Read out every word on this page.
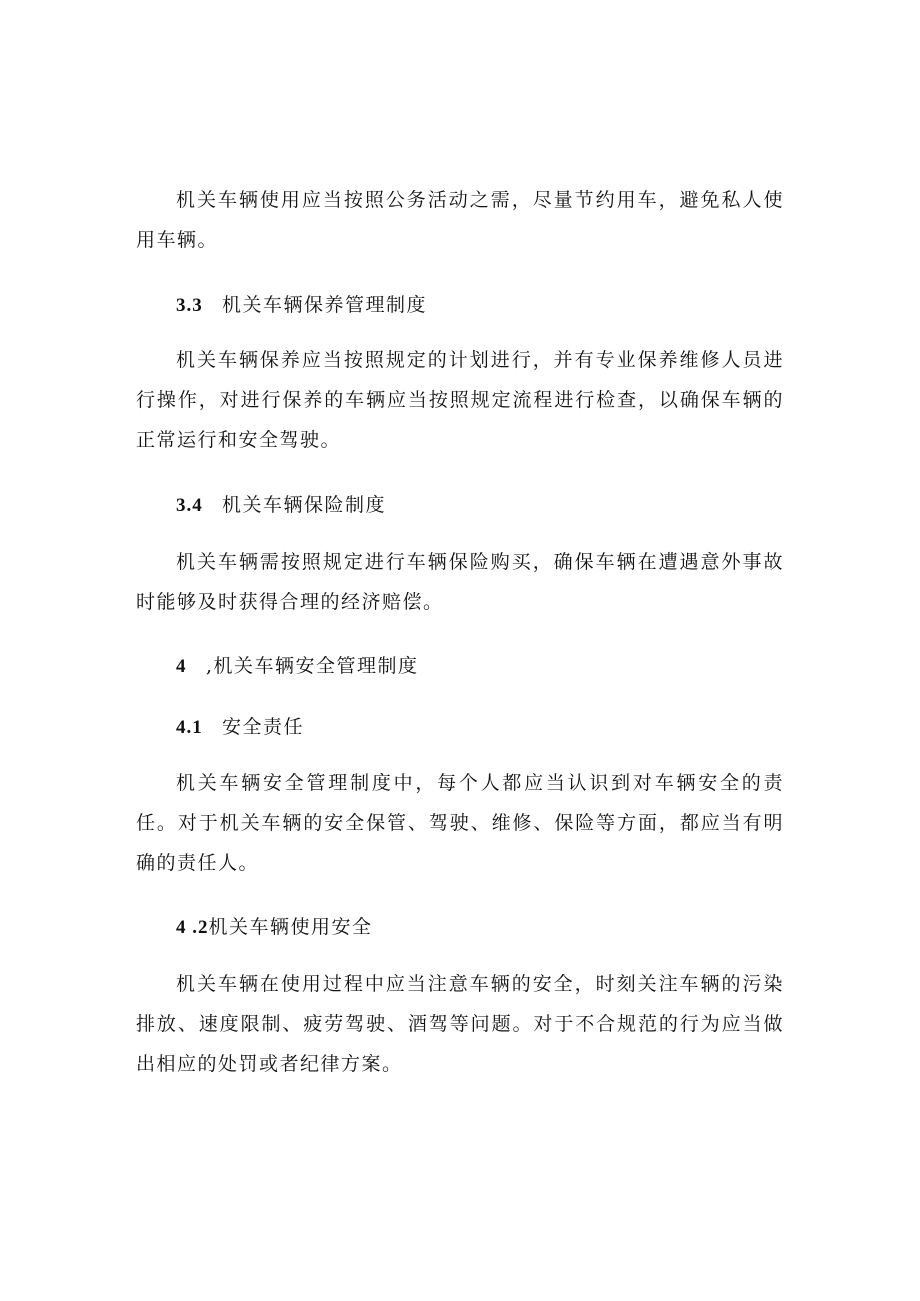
机关车辆使用应当按照公务活动之需，尽量节约用车，避免私人使用车辆。

3.3 机关车辆保养管理制度

机关车辆保养应当按照规定的计划进行，并有专业保养维修人员进行操作，对进行保养的车辆应当按照规定流程进行检查，以确保车辆的正常运行和安全驾驶。

3.4 机关车辆保险制度

机关车辆需按照规定进行车辆保险购买，确保车辆在遭遇意外事故时能够及时获得合理的经济赔偿。

4 ,机关车辆安全管理制度
4.1 安全责任

机关车辆安全管理制度中，每个人都应当认识到对车辆安全的责任。对于机关车辆的安全保管、驾驶、维修、保险等方面，都应当有明确的责任人。

4 .2机关车辆使用安全

机关车辆在使用过程中应当注意车辆的安全，时刻关注车辆的污染排放、速度限制、疲劳驾驶、酒驾等问题。对于不合规范的行为应当做出相应的处罚或者纪律方案。
